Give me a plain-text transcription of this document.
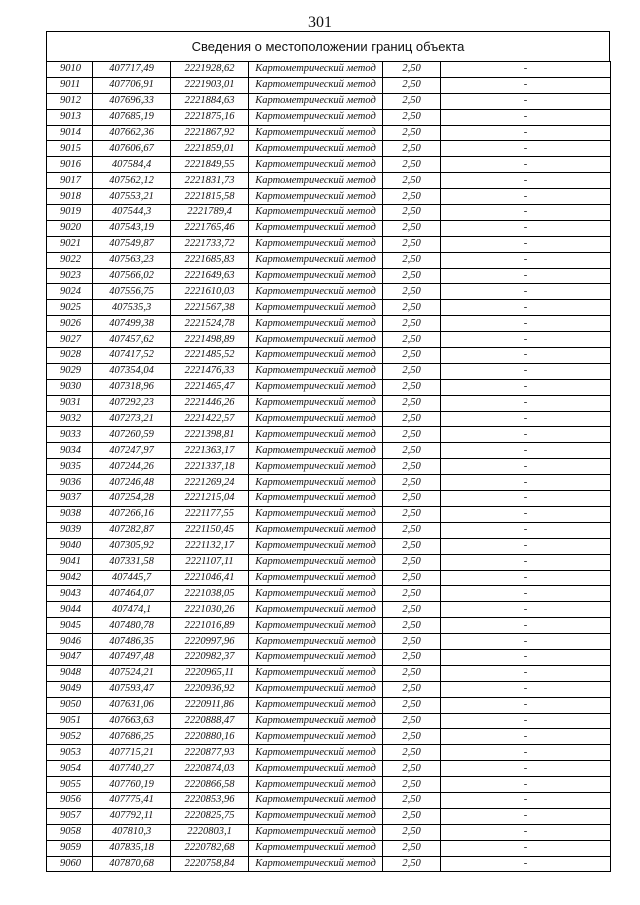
301
Сведения о местоположении границ объекта
9010	407717,49	2221928,62	Картометрический метод	2,50	-
9011	407706,91	2221903,01	Картометрический метод	2,50	-
9012	407696,33	2221884,63	Картометрический метод	2,50	-
9013	407685,19	2221875,16	Картометрический метод	2,50	-
9014	407662,36	2221867,92	Картометрический метод	2,50	-
9015	407606,67	2221859,01	Картометрический метод	2,50	-
9016	407584,4	2221849,55	Картометрический метод	2,50	-
9017	407562,12	2221831,73	Картометрический метод	2,50	-
9018	407553,21	2221815,58	Картометрический метод	2,50	-
9019	407544,3	2221789,4	Картометрический метод	2,50	-
9020	407543,19	2221765,46	Картометрический метод	2,50	-
9021	407549,87	2221733,72	Картометрический метод	2,50	-
9022	407563,23	2221685,83	Картометрический метод	2,50	-
9023	407566,02	2221649,63	Картометрический метод	2,50	-
9024	407556,75	2221610,03	Картометрический метод	2,50	-
9025	407535,3	2221567,38	Картометрический метод	2,50	-
9026	407499,38	2221524,78	Картометрический метод	2,50	-
9027	407457,62	2221498,89	Картометрический метод	2,50	-
9028	407417,52	2221485,52	Картометрический метод	2,50	-
9029	407354,04	2221476,33	Картометрический метод	2,50	-
9030	407318,96	2221465,47	Картометрический метод	2,50	-
9031	407292,23	2221446,26	Картометрический метод	2,50	-
9032	407273,21	2221422,57	Картометрический метод	2,50	-
9033	407260,59	2221398,81	Картометрический метод	2,50	-
9034	407247,97	2221363,17	Картометрический метод	2,50	-
9035	407244,26	2221337,18	Картометрический метод	2,50	-
9036	407246,48	2221269,24	Картометрический метод	2,50	-
9037	407254,28	2221215,04	Картометрический метод	2,50	-
9038	407266,16	2221177,55	Картометрический метод	2,50	-
9039	407282,87	2221150,45	Картометрический метод	2,50	-
9040	407305,92	2221132,17	Картометрический метод	2,50	-
9041	407331,58	2221107,11	Картометрический метод	2,50	-
9042	407445,7	2221046,41	Картометрический метод	2,50	-
9043	407464,07	2221038,05	Картометрический метод	2,50	-
9044	407474,1	2221030,26	Картометрический метод	2,50	-
9045	407480,78	2221016,89	Картометрический метод	2,50	-
9046	407486,35	2220997,96	Картометрический метод	2,50	-
9047	407497,48	2220982,37	Картометрический метод	2,50	-
9048	407524,21	2220965,11	Картометрический метод	2,50	-
9049	407593,47	2220936,92	Картометрический метод	2,50	-
9050	407631,06	2220911,86	Картометрический метод	2,50	-
9051	407663,63	2220888,47	Картометрический метод	2,50	-
9052	407686,25	2220880,16	Картометрический метод	2,50	-
9053	407715,21	2220877,93	Картометрический метод	2,50	-
9054	407740,27	2220874,03	Картометрический метод	2,50	-
9055	407760,19	2220866,58	Картометрический метод	2,50	-
9056	407775,41	2220853,96	Картометрический метод	2,50	-
9057	407792,11	2220825,75	Картометрический метод	2,50	-
9058	407810,3	2220803,1	Картометрический метод	2,50	-
9059	407835,18	2220782,68	Картометрический метод	2,50	-
9060	407870,68	2220758,84	Картометрический метод	2,50	-
